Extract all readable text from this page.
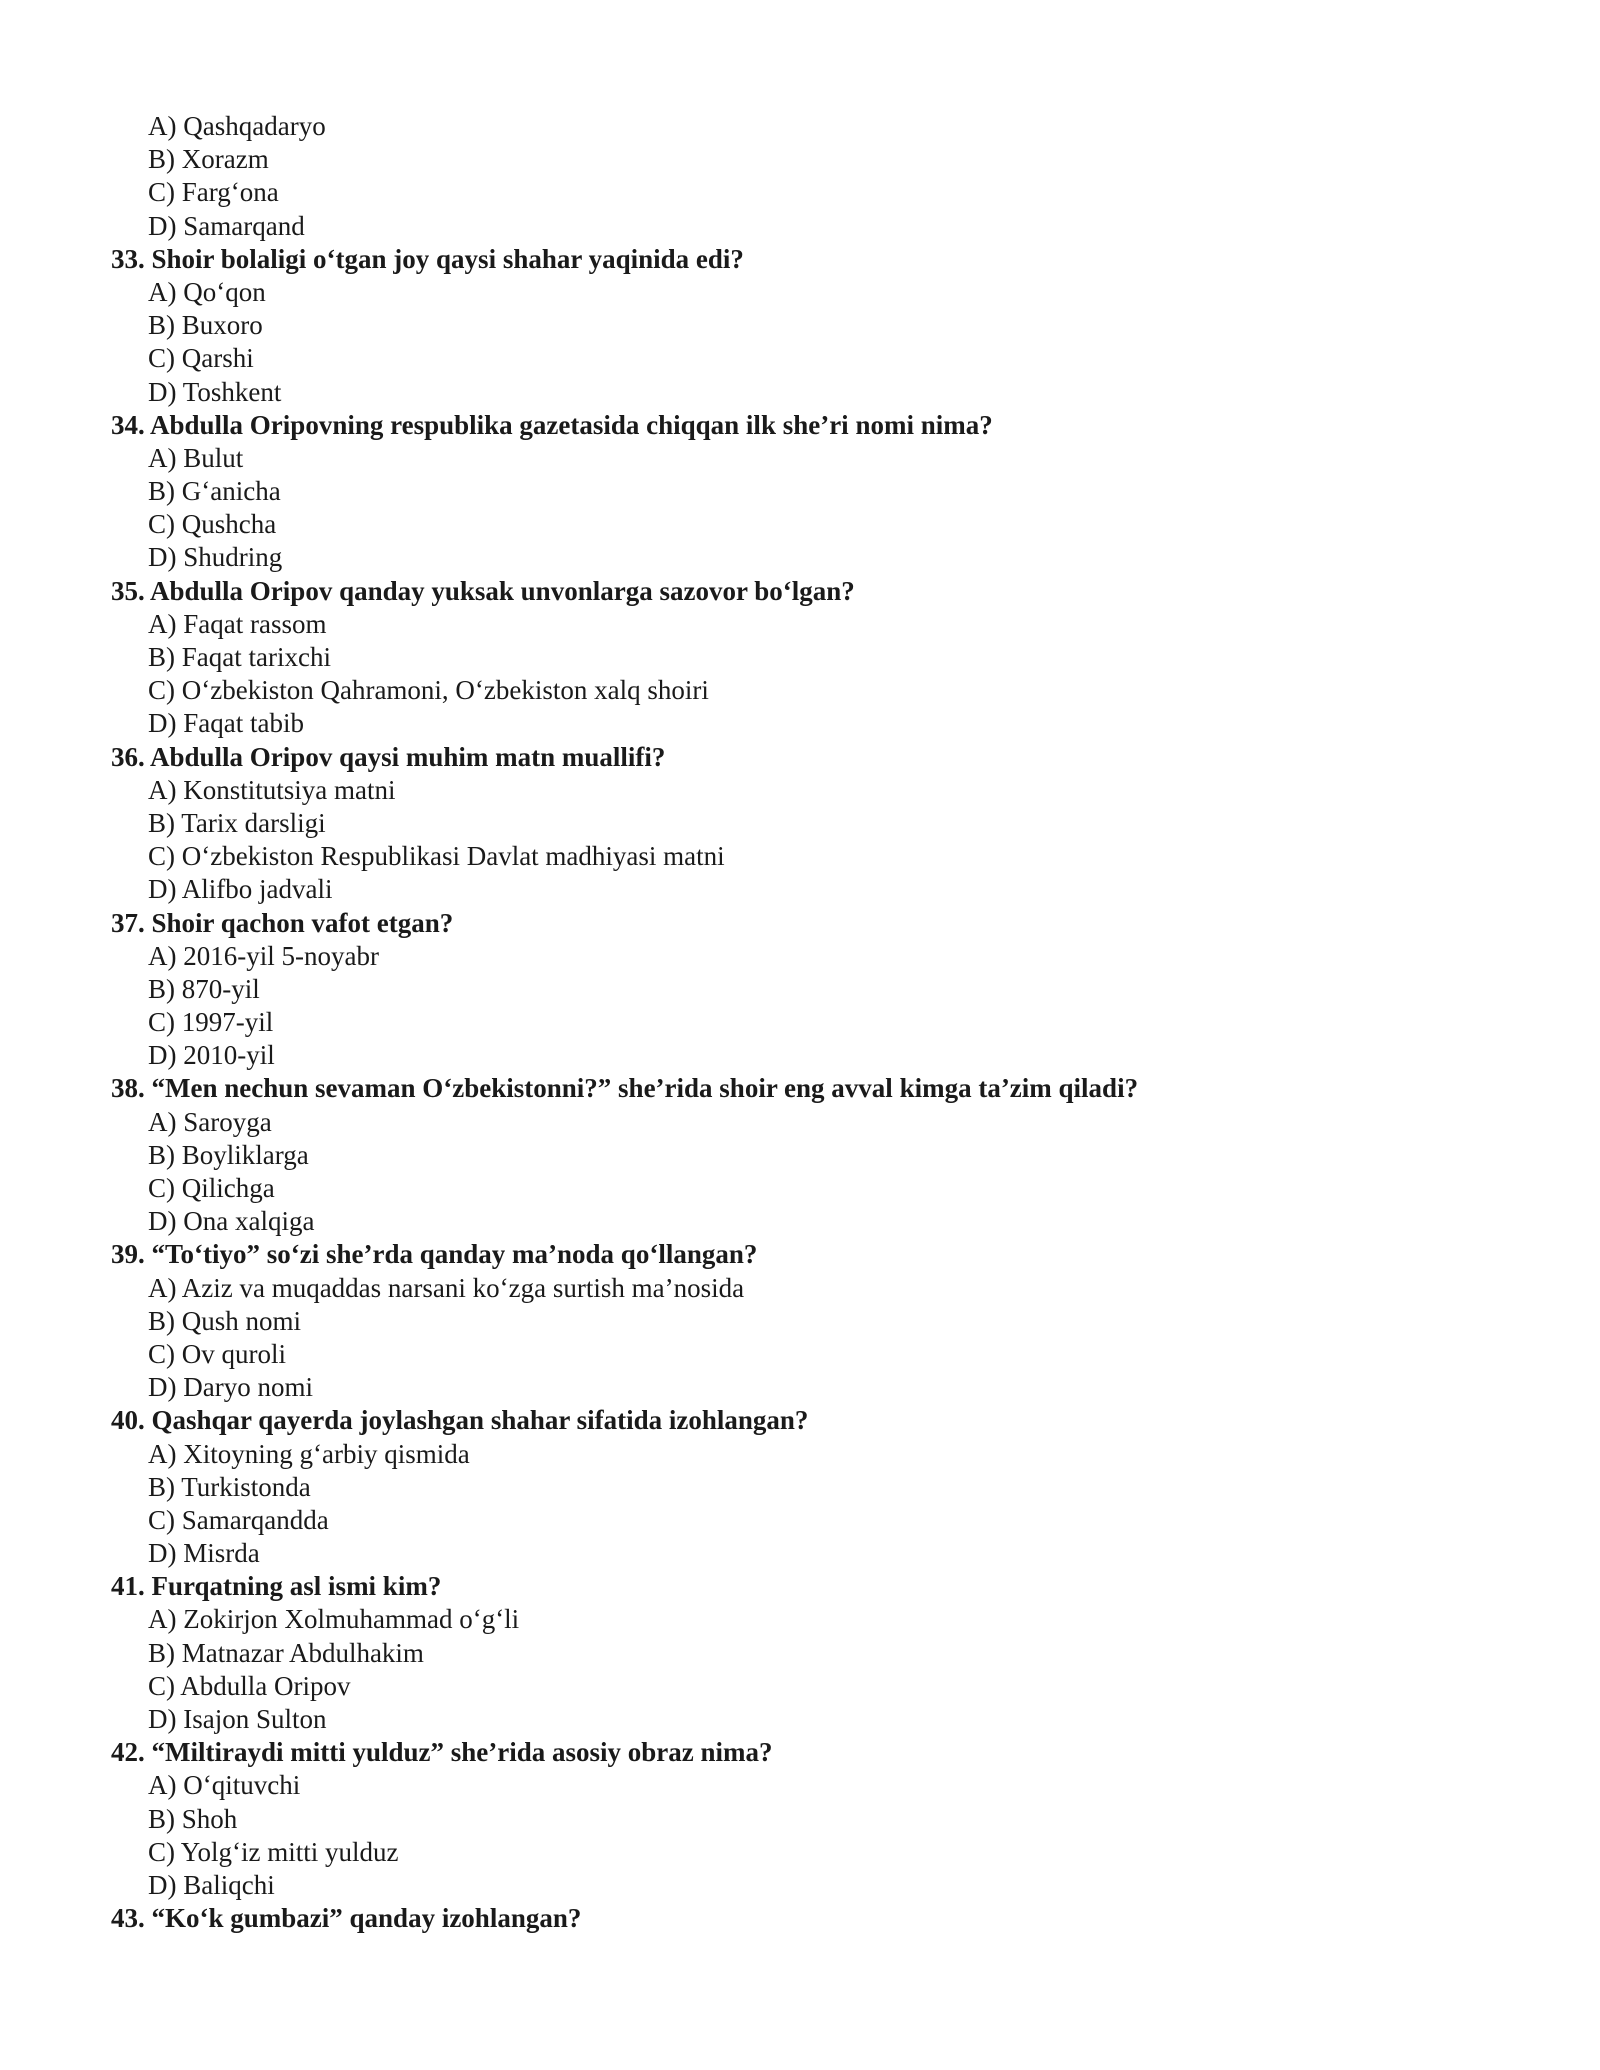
A) Qashqadaryo
B) Xorazm
C) Farg‘ona
D) Samarqand
33. Shoir bolaligi o‘tgan joy qaysi shahar yaqinida edi?
A) Qo‘qon
B) Buxoro
C) Qarshi
D) Toshkent
34. Abdulla Oripovning respublika gazetasida chiqqan ilk she’ri nomi nima?
A) Bulut
B) G‘anicha
C) Qushcha
D) Shudring
35. Abdulla Oripov qanday yuksak unvonlarga sazovor bo‘lgan?
A) Faqat rassom
B) Faqat tarixchi
C) O‘zbekiston Qahramoni, O‘zbekiston xalq shoiri
D) Faqat tabib
36. Abdulla Oripov qaysi muhim matn muallifi?
A) Konstitutsiya matni
B) Tarix darsligi
C) O‘zbekiston Respublikasi Davlat madhiyasi matni
D) Alifbo jadvali
37. Shoir qachon vafot etgan?
A) 2016-yil 5-noyabr
B) 870-yil
C) 1997-yil
D) 2010-yil
38. “Men nechun sevaman O‘zbekistonni?” she’rida shoir eng avval kimga ta’zim qiladi?
A) Saroyga
B) Boyliklarga
C) Qilichga
D) Ona xalqiga
39. “To‘tiyo” so‘zi she’rda qanday ma’noda qo‘llangan?
A) Aziz va muqaddas narsani ko‘zga surtish ma’nosida
B) Qush nomi
C) Ov quroli
D) Daryo nomi
40. Qashqar qayerda joylashgan shahar sifatida izohlangan?
A) Xitoyning g‘arbiy qismida
B) Turkistonda
C) Samarqandda
D) Misrda
41. Furqatning asl ismi kim?
A) Zokirjon Xolmuhammad o‘g‘li
B) Matnazar Abdulhakim
C) Abdulla Oripov
D) Isajon Sulton
42. “Miltiraydi mitti yulduz” she’rida asosiy obraz nima?
A) O‘qituvchi
B) Shoh
C) Yolg‘iz mitti yulduz
D) Baliqchi
43. “Ko‘k gumbazi” qanday izohlangan?
